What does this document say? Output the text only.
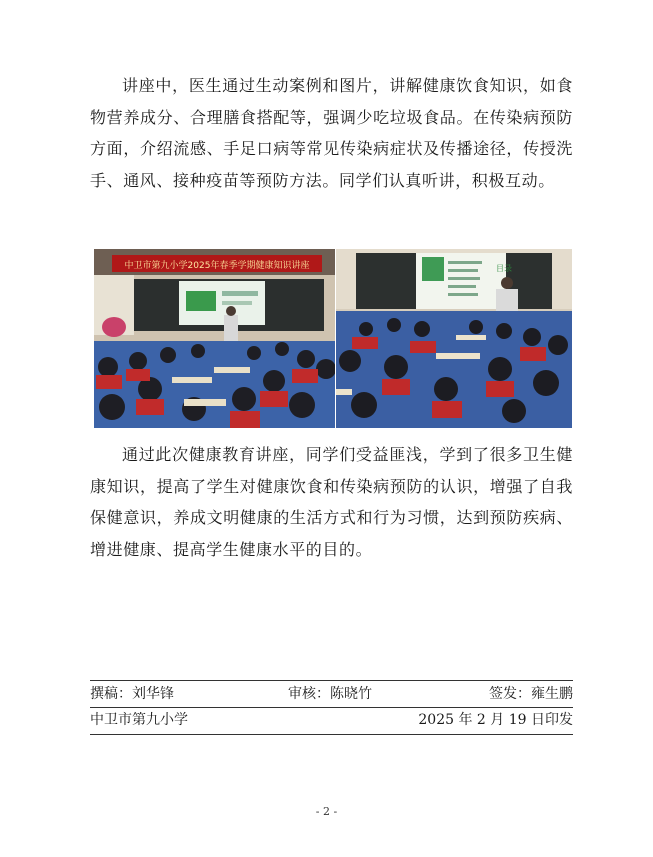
讲座中，医生通过生动案例和图片，讲解健康饮食知识，如食物营养成分、合理膳食搭配等，强调少吃垃圾食品。在传染病预防方面，介绍流感、手足口病等常见传染病症状及传播途径，传授洗手、通风、接种疫苗等预防方法。同学们认真听讲，积极互动。

中卫市第九小学2025年春季学期健康知识讲座	目录

通过此次健康教育讲座，同学们受益匪浅，学到了很多卫生健康知识，提高了学生对健康饮食和传染病预防的认识，增强了自我保健意识，养成文明健康的生活方式和行为习惯，达到预防疾病、增进健康、提高学生健康水平的目的。

撰稿：刘华锋	审核：陈晓竹	签发：雍生鹏
中卫市第九小学	2025 年 2 月 19 日印发
- 2 -
